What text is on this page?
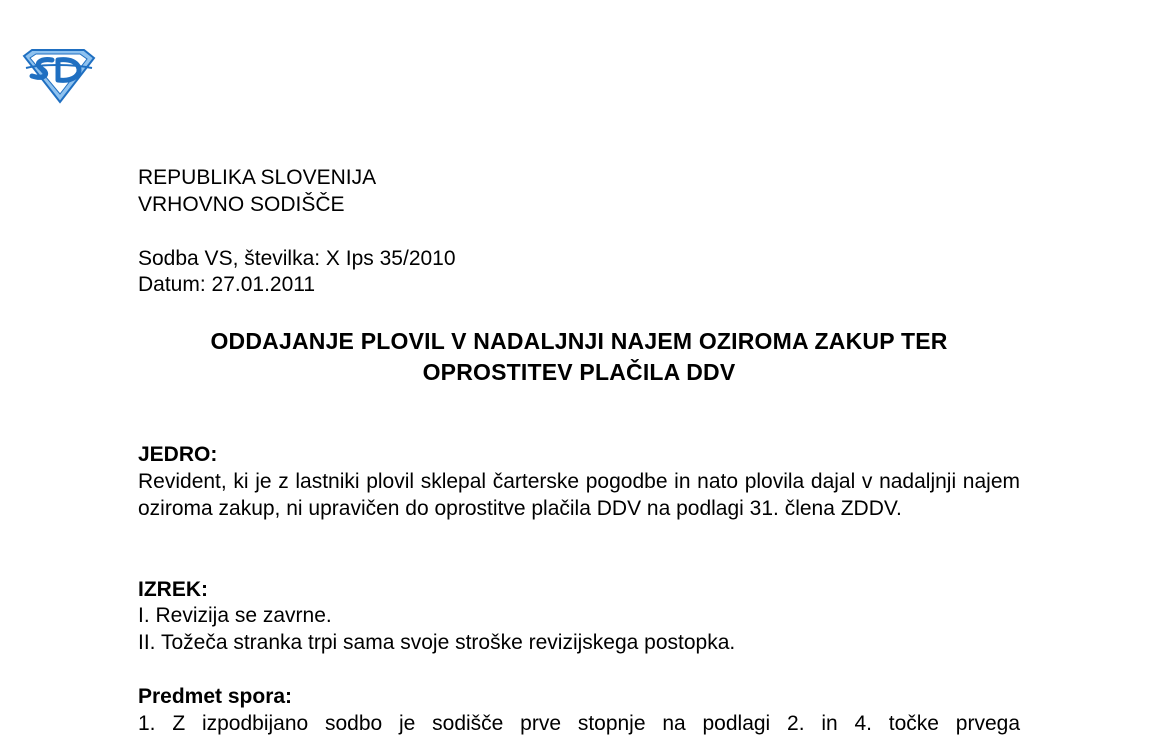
REPUBLIKA SLOVENIJA
VRHOVNO SODIŠČE
Sodba VS, številka: X Ips 35/2010
Datum: 27.01.2011
ODDAJANJE PLOVIL V NADALJNJI NAJEM OZIROMA ZAKUP TER
OPROSTITEV PLAČILA DDV
JEDRO:
Revident, ki je z lastniki plovil sklepal čarterske pogodbe in nato plovila dajal v nadaljnji najem oziroma zakup, ni upravičen do oprostitve plačila DDV na podlagi 31. člena ZDDV.
IZREK:
I. Revizija se zavrne.
II. Tožeča stranka trpi sama svoje stroške revizijskega postopka.
Predmet spora:
1. Z izpodbijano sodbo je sodišče prve stopnje na podlagi 2. in 4. točke prvega
